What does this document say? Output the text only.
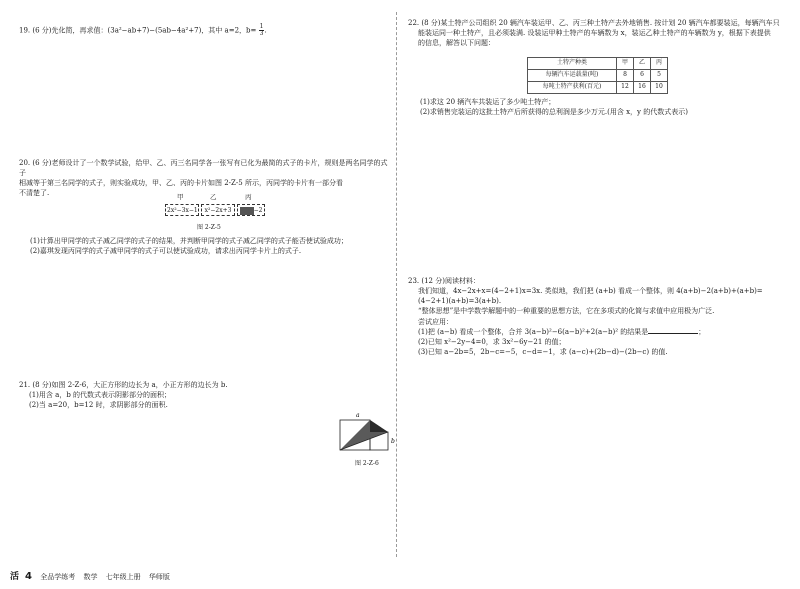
19. (6 分)先化简，再求值：(3a²−ab+7)−(5ab−4a²+7)，其中 a=2，$b= \frac{1}{3}$ .

20. (6 分)老师设计了一个数学试验，给甲、乙、丙三名同学各一张写有已化为最简的式子的卡片，规则是两名同学的式子

相减等于第三名同学的式子，则实验成功，甲、乙、丙的卡片如图 2-Z-5 所示，丙同学的卡片有一部分看

不清楚了.	甲	乙	丙
2x²−3x−1	x²−2x+3	−2
图 2-Z-5

(1)计算出甲同学的式子减乙同学的式子的结果，并判断甲同学的式子减乙同学的式子能否使试验成功；

(2)嘉琪发现丙同学的式子减甲同学的式子可以使试验成功，请求出丙同学卡片上的式子.

21. (8 分)如图 2-Z-6，大正方形的边长为 a，小正方形的边长为 b.

(1)用含 a，b 的代数式表示阴影部分的面积；

(2)当 a=20，b=12 时，求阴影部分的面积.

a
b
图 2-Z-6

22. (8 分)某土特产公司组织 20 辆汽车装运甲、乙、丙三种土特产去外地销售. 按计划 20 辆汽车都要装运，每辆汽车只

能装运同一种土特产，且必须装满. 设装运甲种土特产的车辆数为 x，装运乙种土特产的车辆数为 y，根据下表提供

的信息，解答以下问题：

(1)求这 20 辆汽车共装运了多少吨土特产；

(2)求销售完装运的这批土特产后所获得的总利润是多少万元.(用含 x，y 的代数式表示)

23. (12 分)阅读材料：

我们知道，4x−2x+x=(4−2+1)x=3x. 类似地，我们把 (a+b) 看成一个整体，则 4(a+b)−2(a+b)+(a+b)=

(4−2+1)(a+b)=3(a+b).

“整体思想”是中学数学解题中的一种重要的思想方法，它在多项式的化简与求值中应用极为广泛.

尝试应用：

(1)把 (a−b) 看成一个整体，合并 3(a−b)²−6(a−b)²+2(a−b)² 的结果是	；

(2)已知 x²−2y−4=0，求 3x²−6y−21 的值；

(3)已知 a−2b=5，2b−c=−5，c−d=−1，求 (a−c)+(2b−d)−(2b−c) 的值.

土特产种类	甲	乙	丙
每辆汽车运载量(吨)	8	6	5
每吨土特产获利(百元)	12	16	10
活 4 全品学练考 数学 七年级上册 华师版
